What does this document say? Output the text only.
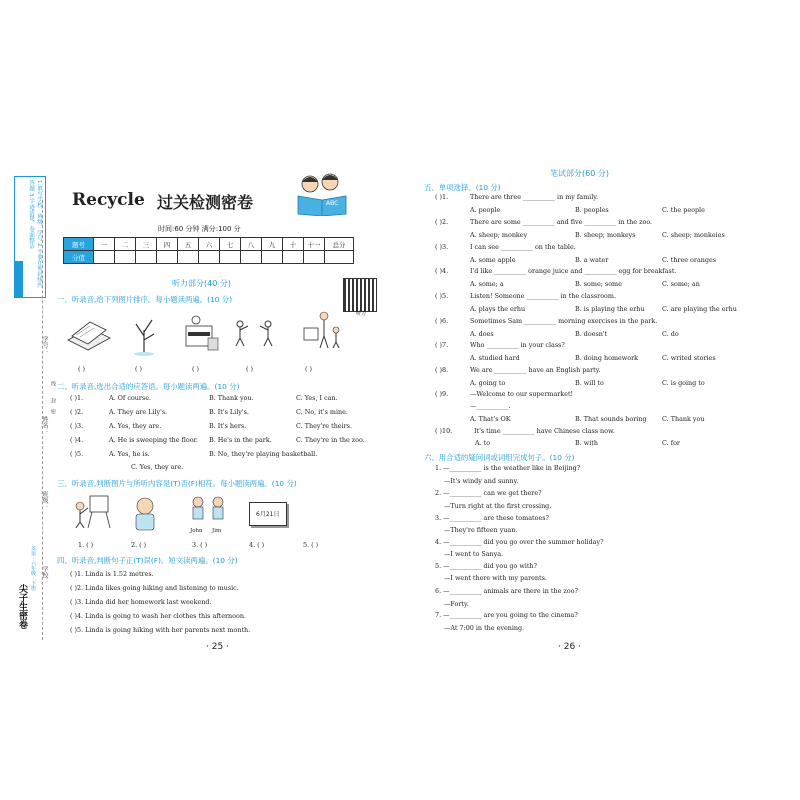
1.填写学校、班级、学号 2.不要在密封线内答题 3.字迹清楚，卷面整洁
学号：
姓名：
班级：
学校：
线
封
密
英语 · 六年级 · 下册
尖子生密卷
Recycle 过关检测密卷	ABC
时间:60 分钟 满分:100 分
题号	一	二	三	四	五	六	七	八	九	十	十一	总分
分值												
听力部分(40 分)
听力
一、听录音,给下列图片排序。每小题读两遍。(10 分)
( )	( )	( )	( )	( )
二、听录音,选出合适的应答语。每小题读两遍。(10 分)
( )1.	A. Of course.	B. Thank you.	C. Yes, I can.
( )2.	A. They are Lily's.	B. It's Lily's.	C. No, it's mine.
( )3.	A. Yes, they are.	B. It's hers.	C. They're theirs.
( )4.	A. He is sweeping the floor. B. He's in the park.	C. They're in the zoo.
( )5.	A. Yes, he is.	B. No, they're playing basketball.
C. Yes, they are.
三、听录音,判断图片与所听内容是(T)否(F)相符。每小题读两遍。(10 分)
John Jim
6月21日
1. ( )	2. ( )	3. ( )	4. ( )	5. ( )
四、听录音,判断句子正(T)误(F)。短文读两遍。(10 分)
( )1. Linda is 1.52 metres.
( )2. Linda likes going hiking and listening to music.
( )3. Linda did her homework last weekend.
( )4. Linda is going to wash her clothes this afternoon.
( )5. Linda is going hiking with her parents next month.
· 25 ·
笔试部分(60 分)
五、单项选择。(10 分)
( )1.	There are three __________ in my family.
A. people	B. peoples	C. the people
( )2.	There are some __________ and five __________ in the zoo.
A. sheep; monkey	B. sheep; monkeys	C. sheep; monkeies
( )3.	I can see __________ on the table.
A. some apple	B. a water	C. three oranges
( )4.	I'd like __________ orange juice and __________ egg for breakfast.
A. some; a	B. some; some	C. some; an
( )5.	Listen! Someone __________ in the classroom.
A. plays the erhu	B. is playing the erhu	C. are playing the erhu
( )6.	Sometimes Sam __________ morning exercises in the park.
A. does	B. doesn't	C. do
( )7.	Who __________ in your class?
A. studied hard	B. doing homework	C. writed stories
( )8.	We are __________ have an English party.
A. going to	B. will to	C. is going to
( )9.	—Welcome to our supermarket!
—__________.
A. That's OK	B. That sounds boring C. Thank you
( )10.	It's time __________ have Chinese class now.
A. to	B. with	C. for
六、用合适的疑问词或词组完成句子。(10 分)
1. —__________ is the weather like in Beijing?
—It's windy and sunny.
2. —__________ can we get there?
—Turn right at the first crossing.
3. —__________ are these tomatoes?
—They're fifteen yuan.
4. —__________ did you go over the summer holiday?
—I went to Sanya.
5. —__________ did you go with?
—I went there with my parents.
6. —__________ animals are there in the zoo?
—Forty.
7. —__________ are you going to the cinema?
—At 7:00 in the evening.
· 26 ·
